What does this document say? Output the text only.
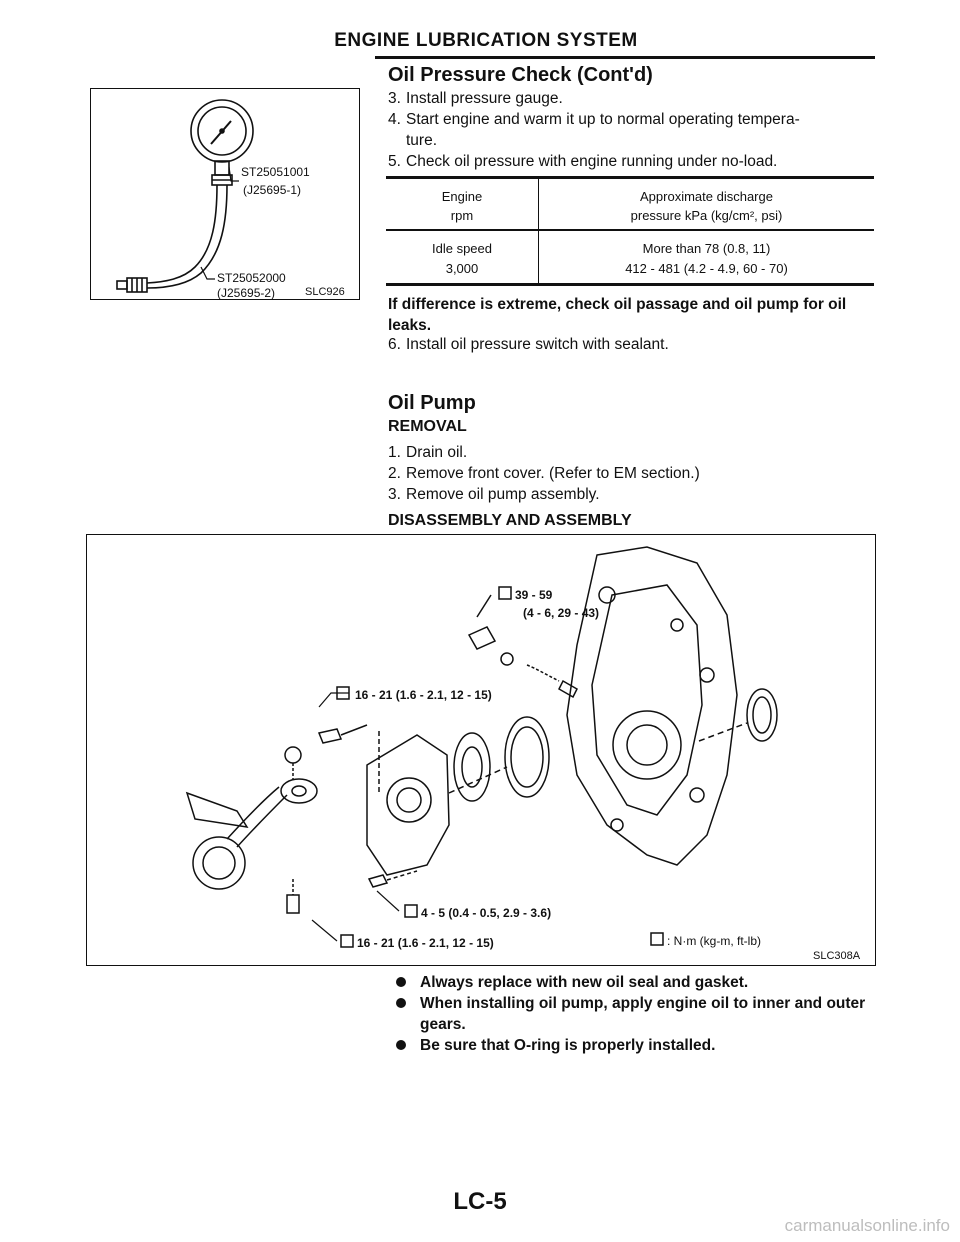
ENGINE LUBRICATION SYSTEM
ST25051001
(J25695-1)
ST25052000
(J25695-2)	SLC926
Oil Pressure Check (Cont'd)
3. Install pressure gauge.
4. Start engine and warm it up to normal operating tempera-
ture.
5. Check oil pressure with engine running under no-load.
Engine
rpm
Approximate discharge
pressure kPa (kg/cm², psi)
Idle speed
3,000
More than 78 (0.8, 11)
412 - 481 (4.2 - 4.9, 60 - 70)
If difference is extreme, check oil passage and oil pump for oil leaks.
6. Install oil pressure switch with sealant.
Oil Pump
REMOVAL
1. Drain oil.
2. Remove front cover. (Refer to EM section.)
3. Remove oil pump assembly.
DISASSEMBLY AND ASSEMBLY
39 - 59
(4 - 6, 29 - 43)
16 - 21 (1.6 - 2.1, 12 - 15)
4 - 5 (0.4 - 0.5, 2.9 - 3.6)
16 - 21 (1.6 - 2.1, 12 - 15)	: N·m (kg-m, ft-lb)
SLC308A
Always replace with new oil seal and gasket.
When installing oil pump, apply engine oil to inner and outer gears.
Be sure that O-ring is properly installed.
LC-5
carmanualsonline.info
